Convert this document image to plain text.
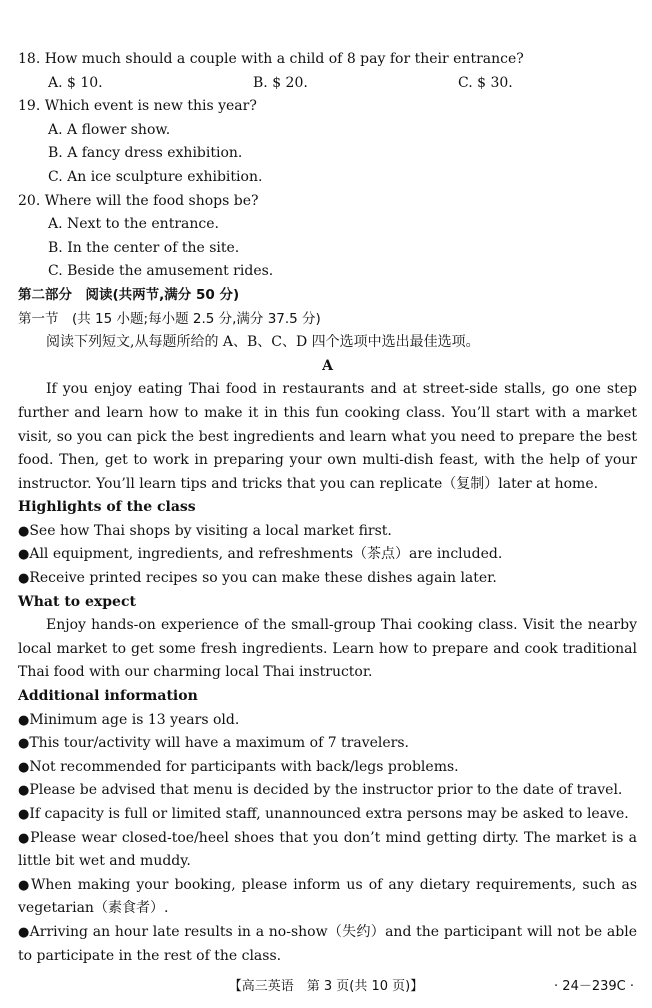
18. How much should a couple with a child of 8 pay for their entrance?
A. $ 10.	B. $ 20.	C. $ 30.
19. Which event is new this year?
A. A flower show.
B. A fancy dress exhibition.
C. An ice sculpture exhibition.
20. Where will the food shops be?
A. Next to the entrance.
B. In the center of the site.
C. Beside the amusement rides.
第二部分　阅读(共两节,满分 50 分)
第一节　(共 15 小题;每小题 2.5 分,满分 37.5 分)
阅读下列短文,从每题所给的 A、B、C、D 四个选项中选出最佳选项。
A
If you enjoy eating Thai food in restaurants and at street-side stalls, go one step further and learn how to make it in this fun cooking class. You’ll start with a market visit, so you can pick the best ingredients and learn what you need to prepare the best food. Then, get to work in preparing your own multi-dish feast, with the help of your instructor. You’ll learn tips and tricks that you can replicate（复制）later at home.
Highlights of the class
●See how Thai shops by visiting a local market first.
●All equipment, ingredients, and refreshments（茶点）are included.
●Receive printed recipes so you can make these dishes again later.
What to expect
Enjoy hands-on experience of the small-group Thai cooking class. Visit the nearby local market to get some fresh ingredients. Learn how to prepare and cook traditional Thai food with our charming local Thai instructor.
Additional information
●Minimum age is 13 years old.
●This tour/activity will have a maximum of 7 travelers.
●Not recommended for participants with back/legs problems.
●Please be advised that menu is decided by the instructor prior to the date of travel.
●If capacity is full or limited staff, unannounced extra persons may be asked to leave.
●Please wear closed-toe/heel shoes that you don’t mind getting dirty. The market is a little bit wet and muddy.
●When making your booking, please inform us of any dietary requirements, such as vegetarian（素食者）.
●Arriving an hour late results in a no-show（失约）and the participant will not be able to participate in the rest of the class.
【高三英语　第 3 页(共 10 页)】	· 24－239C ·
